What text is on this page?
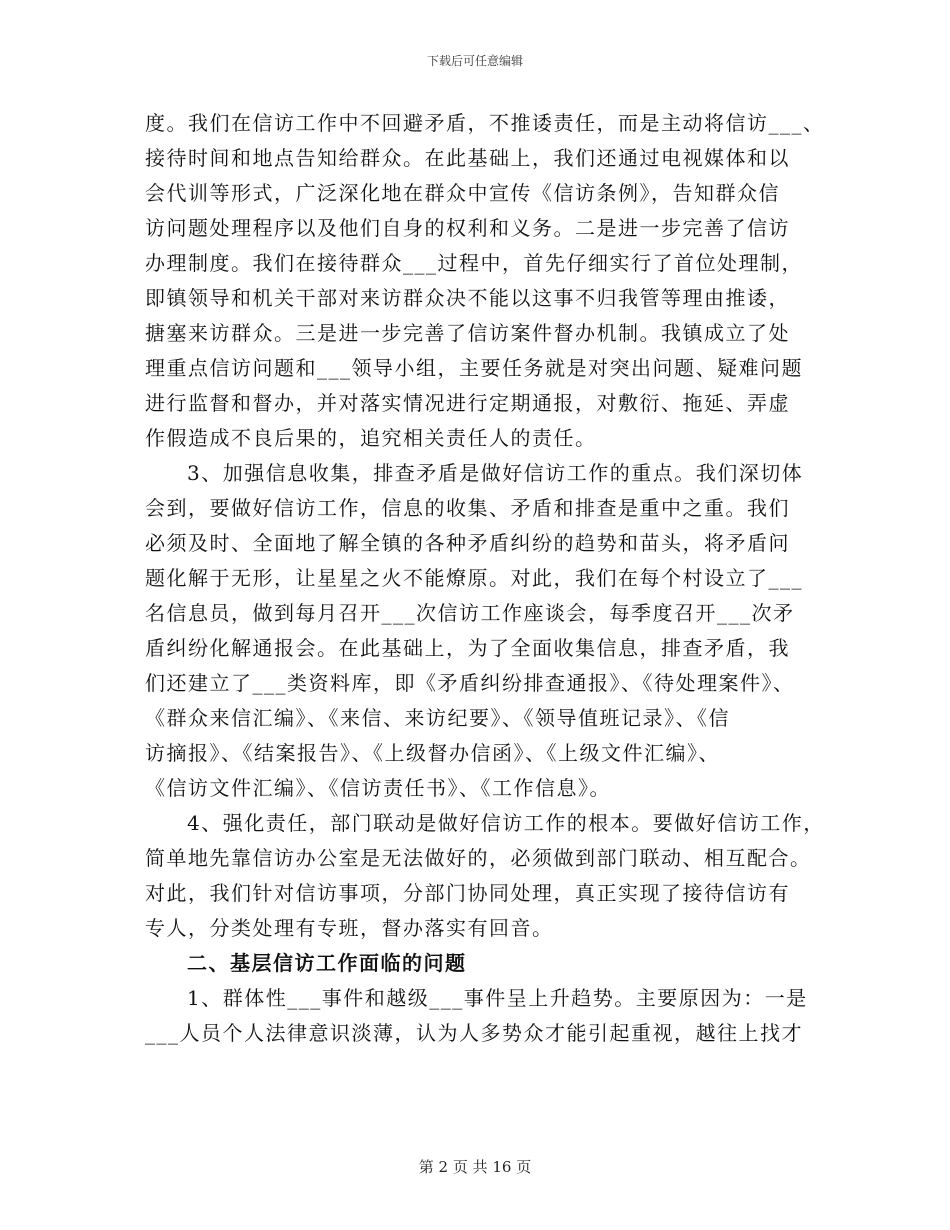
下载后可任意编辑
度。我们在信访工作中不回避矛盾，不推诿责任，而是主动将信访___、
接待时间和地点告知给群众。在此基础上，我们还通过电视媒体和以
会代训等形式，广泛深化地在群众中宣传《信访条例》，告知群众信
访问题处理程序以及他们自身的权利和义务。二是进一步完善了信访
办理制度。我们在接待群众___过程中，首先仔细实行了首位处理制，
即镇领导和机关干部对来访群众决不能以这事不归我管等理由推诿，
搪塞来访群众。三是进一步完善了信访案件督办机制。我镇成立了处
理重点信访问题和___领导小组，主要任务就是对突出问题、疑难问题
进行监督和督办，并对落实情况进行定期通报，对敷衍、拖延、弄虚
作假造成不良后果的，追究相关责任人的责任。
3、加强信息收集，排查矛盾是做好信访工作的重点。我们深切体
会到，要做好信访工作，信息的收集、矛盾和排查是重中之重。我们
必须及时、全面地了解全镇的各种矛盾纠纷的趋势和苗头，将矛盾问
题化解于无形，让星星之火不能燎原。对此，我们在每个村设立了___
名信息员，做到每月召开___次信访工作座谈会，每季度召开___次矛
盾纠纷化解通报会。在此基础上，为了全面收集信息，排查矛盾，我
们还建立了___类资料库，即《矛盾纠纷排查通报》、《待处理案件》、
《群众来信汇编》、《来信、来访纪要》、《领导值班记录》、《信
访摘报》、《结案报告》、《上级督办信函》、《上级文件汇编》、
《信访文件汇编》、《信访责任书》、《工作信息》。
4、强化责任，部门联动是做好信访工作的根本。要做好信访工作，
简单地先靠信访办公室是无法做好的，必须做到部门联动、相互配合。
对此，我们针对信访事项，分部门协同处理，真正实现了接待信访有
专人，分类处理有专班，督办落实有回音。
二、基层信访工作面临的问题
1、群体性___事件和越级___事件呈上升趋势。主要原因为：一是
___人员个人法律意识淡薄，认为人多势众才能引起重视，越往上找才
第 2 页 共 16 页
